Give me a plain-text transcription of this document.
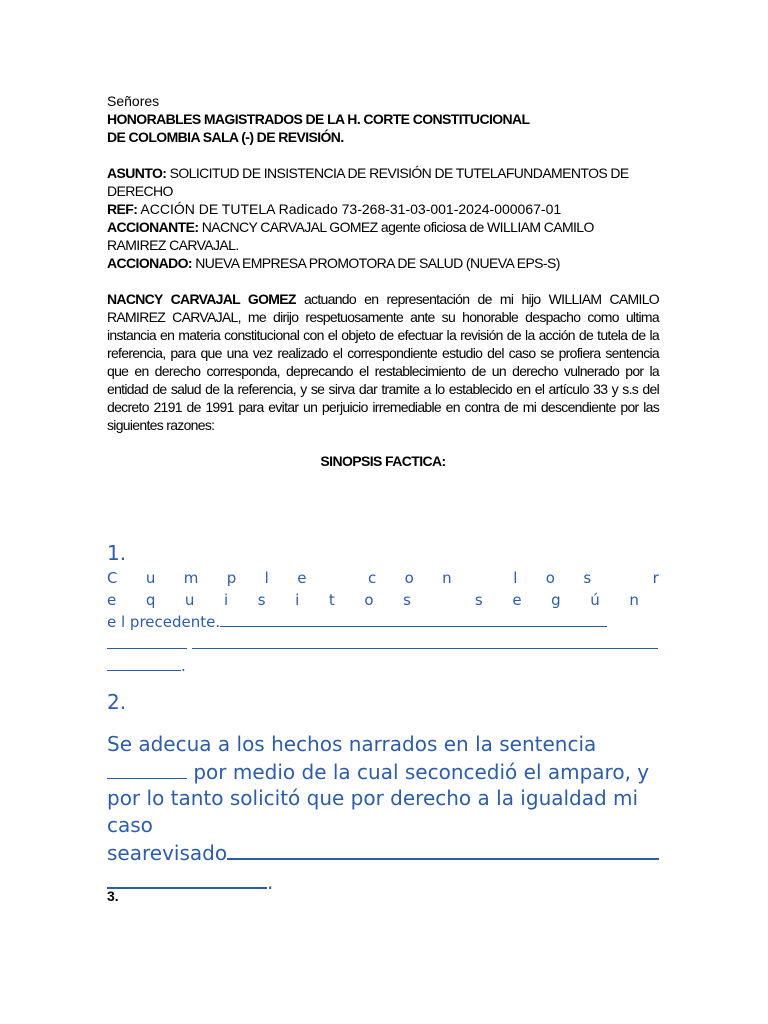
Señores
HONORABLES MAGISTRADOS DE LA H. CORTE CONSTITUCIONAL
DE COLOMBIA SALA (-) DE REVISIÓN.
ASUNTO: SOLICITUD DE INSISTENCIA DE REVISIÓN DE TUTELAFUNDAMENTOS DE
DERECHO
REF: ACCIÓN DE TUTELA Radicado 73-268-31-03-001-2024-000067-01
ACCIONANTE: NACNCY CARVAJAL GOMEZ agente oficiosa de WILLIAM CAMILO
RAMIREZ CARVAJAL.
ACCIONADO: NUEVA EMPRESA PROMOTORA DE SALUD (NUEVA EPS-S)
NACNCY CARVAJAL GOMEZ actuando en representación de mi hijo WILLIAM CAMILO RAMIREZ CARVAJAL, me dirijo respetuosamente ante su honorable despacho como ultima instancia en materia constitucional con el objeto de efectuar la revisión de la acción de tutela de la referencia, para que una vez realizado el correspondiente estudio del caso se profiera sentencia que en derecho corresponda, deprecando el restablecimiento de un derecho vulnerado por la entidad de salud de la referencia, y se sirva dar tramite a lo establecido en el artículo 33 y s.s del decreto 2191 de 1991 para evitar un perjuicio irremediable en contra de mi descendiente por las siguientes razones:
SINOPSIS FACTICA:
1.
C u m p l e
	c o n
	l o s
	r
e q u i s i t o s
	s e g ú n
e l precedente.

.
2.
Se adecua a los hechos narrados en la sentencia
por medio de la cual seconcedió el amparo, y
por lo tanto solicitó que por derecho a la igualdad mi
caso
searevisado
.
3.
